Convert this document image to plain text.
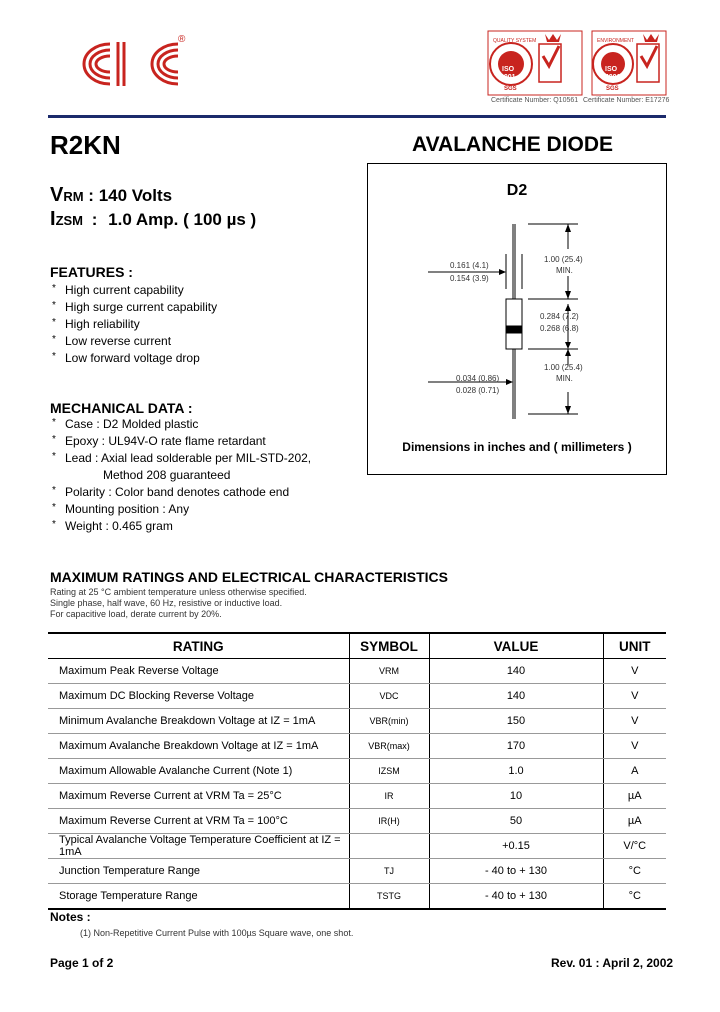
®
ISO
9001
QUALITY SYSTEM
SGS
ISO
14001
ENVIRONMENT
SGS
Certificate Number: Q10561 Certificate Number: E17276
R2KN	AVALANCHE DIODE
VRM : 140 Volts
IZSM : 1.0 Amp. ( 100 µs )
FEATURES :
* High current capability
* High surge current capability
* High reliability
* Low reverse current
* Low forward voltage drop
MECHANICAL DATA :
* Case : D2 Molded plastic
* Epoxy : UL94V-O rate flame retardant
* Lead : Axial lead solderable per MIL-STD-202,
Method 208 guaranteed
* Polarity : Color band denotes cathode end
* Mounting position : Any
* Weight : 0.465 gram
D2
1.00 (25.4)
MIN.
0.161 (4.1)
0.154 (3.9)
0.284 (7.2)
0.268 (6.8)
1.00 (25.4)
MIN.
0.034 (0.86)
0.028 (0.71)
Dimensions in inches and ( millimeters )
MAXIMUM RATINGS AND ELECTRICAL CHARACTERISTICS
Rating at 25 °C ambient temperature unless otherwise specified.
Single phase, half wave, 60 Hz, resistive or inductive load.
For capacitive load, derate current by 20%.
RATING	SYMBOL	VALUE	UNIT
Maximum Peak Reverse Voltage	VRM	140	V
Maximum DC Blocking Reverse Voltage	VDC	140	V
Minimum Avalanche Breakdown Voltage at IZ = 1mA	VBR(min)	150	V
Maximum Avalanche Breakdown Voltage at IZ = 1mA	VBR(max)	170	V
Maximum Allowable Avalanche Current (Note 1)	IZSM	1.0	A
Maximum Reverse Current at VRM Ta = 25°C	IR	10	µA
Maximum Reverse Current at VRM Ta = 100°C	IR(H)	50	µA
Typical Avalanche Voltage Temperature Coefficient at IZ = 1mA		+0.15	V/°C
Junction Temperature Range	TJ	- 40 to + 130	°C
Storage Temperature Range	TSTG	- 40 to + 130	°C
Notes :
(1) Non-Repetitive Current Pulse with 100µs Square wave, one shot.
Page 1 of 2	Rev. 01 : April 2, 2002
